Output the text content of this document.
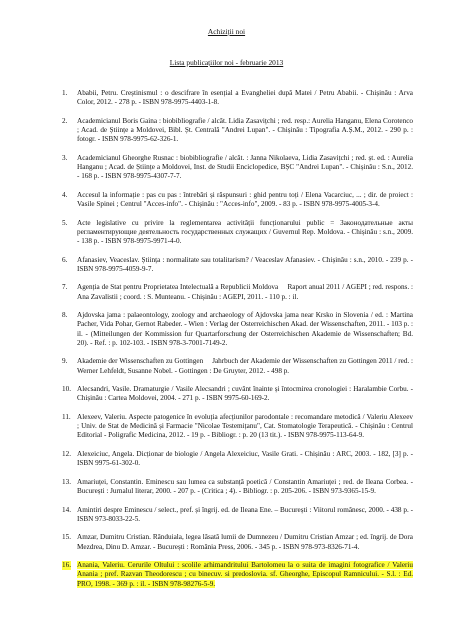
Achiziții noi
Lista publicațiilor noi - februarie 2013
1. Ababii, Petru. Creștinismul : o descifrare în esențial a Evangheliei după Matei / Petru Ababii. - Chișinău : Arva Color, 2012. - 278 p. - ISBN 978-9975-4403-1-8.
2. Academicianul Boris Gaina : biobibliografie / alcăt. Lidia Zasavițchi ; red. resp.: Aurelia Hanganu, Elena Corotenco ; Acad. de Științe a Moldovei, Bibl. Șt. Centrală "Andrei Lupan". - Chișinău : Tipografia A.Ș.M., 2012. - 290 p. : fotogr. - ISBN 978-9975-62-326-1.
3. Academicianul Gheorghe Rusnac : biobibliografie / alcăt. : Janna Nikolaeva, Lidia Zasavițchi ; red. șt. ed. : Aurelia Hanganu ; Acad. de Științe a Moldovei, Inst. de Studii Enciclopedice, BȘC "Andrei Lupan". - Chișinău : S.n., 2012. - 168 p. - ISBN 978-9975-4307-7-7.
4. Accesul la informație : pas cu pas : întrebări și răspunsuri : ghid pentru toți / Elena Vacarciuc, ... ; dir. de proiect : Vasile Spinei ; Centrul "Acces-info". - Chișinău : "Acces-info", 2009. - 83 p. - ISBN 978-9975-4005-3-4.
5. Acte legislative cu privire la reglementarea activității funcționarului public = Законодательные акты регламентирующие деятельность государственных служащих / Guvernul Rep. Moldova. - Chișinău : s.n., 2009. - 138 p. - ISBN 978-9975-9971-4-0.
6. Afanasiev, Veaceslav. Știința : normalitate sau totalitarism? / Veaceslav Afanasiev. - Chișinău : s.n., 2010. - 239 p. - ISBN 978-9975-4059-9-7.
7. Agenția de Stat pentru Proprietatea Intelectuală a Republicii Moldova     Raport anual 2011 / AGEPI ; red. respons. : Ana Zavalistii ; coord. : S. Munteanu. - Chișinău : AGEPI, 2011. - 110 p. : il.
8. Ajdovska jama : palaeontology, zoology and archaeology of Ajdovska jama near Krsko in Slovenia / ed. : Martina Pacher, Vida Pohar, Gernot Rabeder. - Wien : Verlag der Osterreichischen Akad. der Wissenschaften, 2011. - 103 p. : il. - (Mitteilungen der Kommission fur Quartarforschung der Osterreichischen Akademie de Wissenschaften; Bd. 20). - Ref. : p. 102-103. - ISBN 978-3-7001-7149-2.
9. Akademie der Wissenschaften zu Gottingen     Jahrbuch der Akademie der Wissenschaften zu Gottingen 2011 / red. : Werner Lehfeldt, Susanne Nobel. - Gottingen : De Gruyter, 2012. - 498 p.
10. Alecsandri, Vasile. Dramaturgie / Vasile Alecsandri ; cuvânt înainte și întocmirea cronologiei : Haralambie Corbu. - Chișinău : Cartea Moldovei, 2004. - 271 p. - ISBN 9975-60-169-2.
11. Alexeev, Valeriu. Aspecte patogenice în evoluția afecțiunilor parodontale : recomandare metodică / Valeriu Alexeev ; Univ. de Stat de Medicină și Farmacie "Nicolae Testemițanu", Cat. Stomatologie Terapeutică. - Chișinău : Centrul Editorial - Poligrafic Medicina, 2012. - 19 p. - Bibliogr. : p. 20 (13 tit.). - ISBN 978-9975-113-64-9.
12. Alexeiciuc, Angela. Dicționar de biologie / Angela Alexeiciuc, Vasile Grati. - Chișinău : ARC, 2003. - 182, [3] p. - ISBN 9975-61-302-0.
13. Amariuței, Constantin. Eminescu sau lumea ca substanță poetică / Constantin Amariuței ; red. de Ileana Corbea. - București : Jurnalul literar, 2000. - 207 p. - (Critica ; 4). - Bibliogr. : p. 205-206. - ISBN 973-9365-15-9.
14. Amintiri despre Eminescu / select., pref. și îngrij. ed. de Ileana Ene. – București : Viitorul românesc, 2000. - 438 p. - ISBN 973-8033-22-5.
15. Amzar, Dumitru Cristian. Rânduiala, legea lăsată lumii de Dumnezeu / Dumitru Cristian Amzar ; ed. îngrij. de Dora Mezdrea, Dinu D. Amzar. - București : România Press, 2006. - 345 p. - ISBN 978-973-8326-71-4.
16. Anania, Valeriu. Cerurile Oltului : scolile arhimandritului Bartolomeu la o suita de imagini fotografice / Valeriu Anania ; pref. Razvan Theodorescu ; cu binecuv. si predoslovia. sf. Gheorghe, Episcopul Ramnicului. - S.l. : Ed. PRO, 1998. - 369 p. : il. - ISBN 978-98276-5-9.
